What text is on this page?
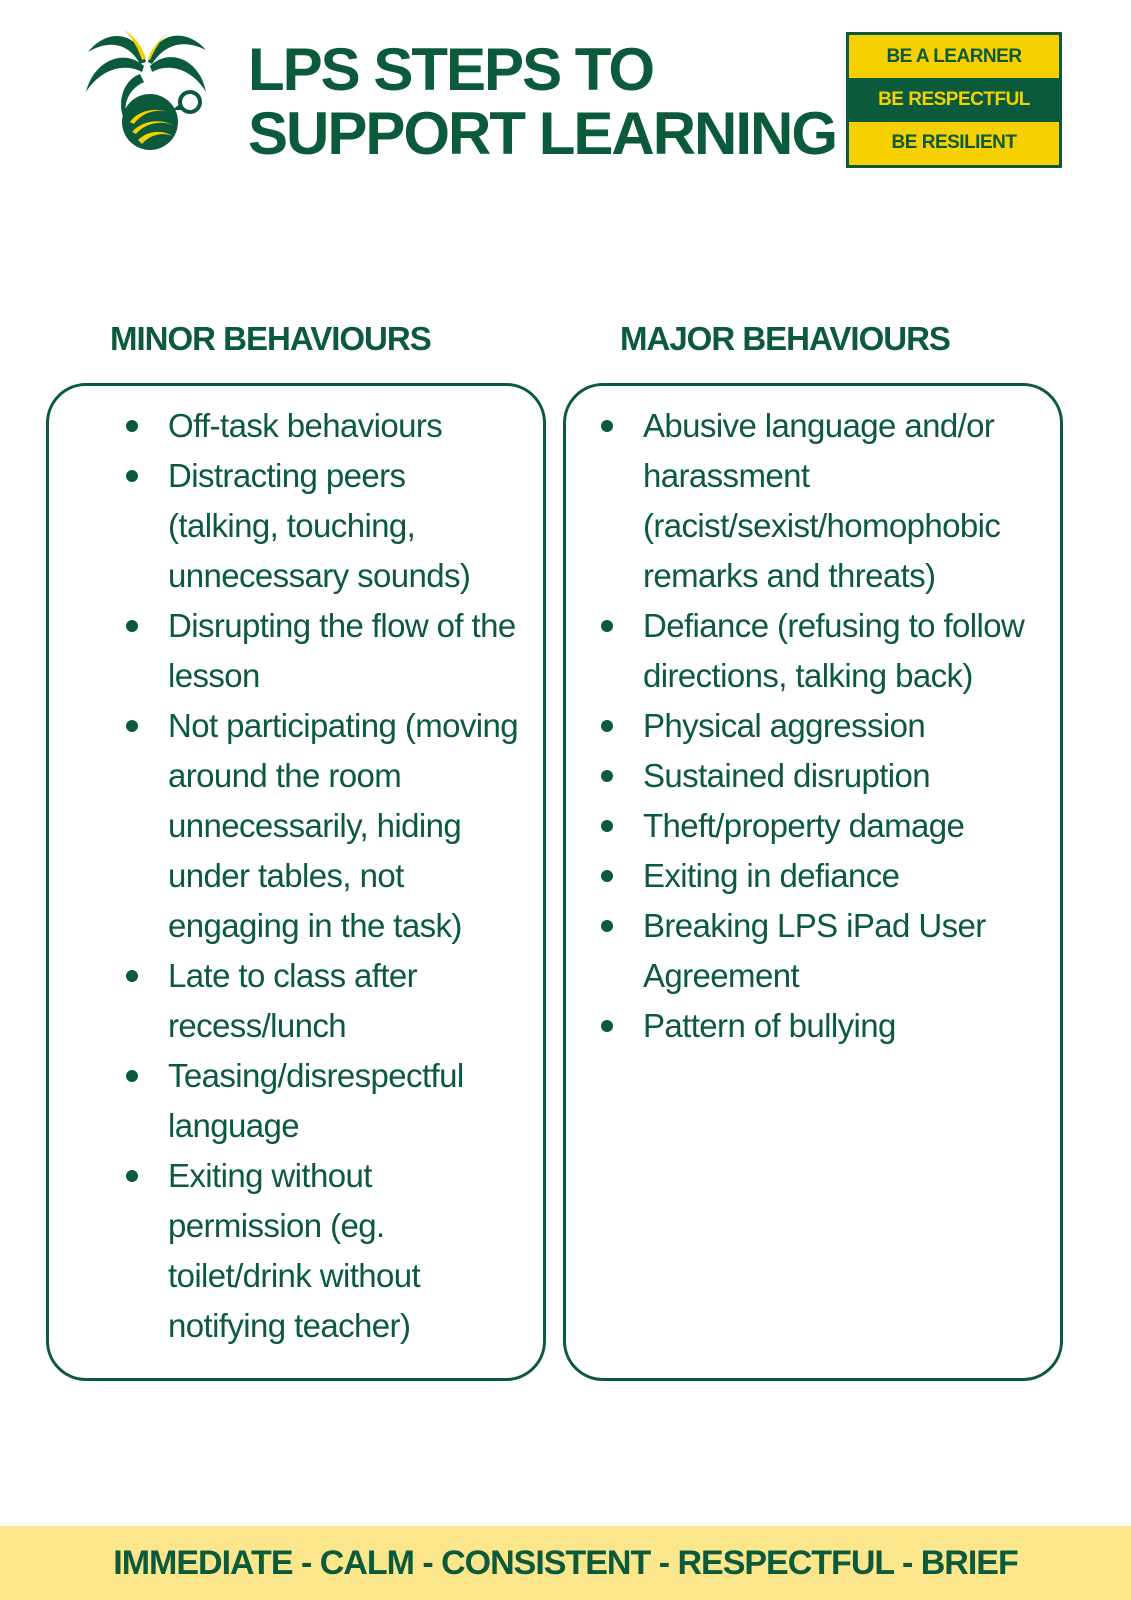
LPS STEPS TO
SUPPORT LEARNING
BE A LEARNER
BE RESPECTFUL
BE RESILIENT
MINOR BEHAVIOURS	MAJOR BEHAVIOURS
Off-task behaviours
Distracting peers (talking, touching, unnecessary sounds)
Disrupting the flow of the lesson
Not participating (moving around the room unnecessarily, hiding under tables, not engaging in the task)
Late to class after recess/lunch
Teasing/disrespectful language
Exiting without permission (eg. toilet/drink without notifying teacher)
Abusive language and/or harassment (racist/sexist/homophobic remarks and threats)
Defiance (refusing to follow directions, talking back)
Physical aggression
Sustained disruption
Theft/property damage
Exiting in defiance
Breaking LPS iPad User Agreement
Pattern of bullying
IMMEDIATE - CALM - CONSISTENT - RESPECTFUL - BRIEF
